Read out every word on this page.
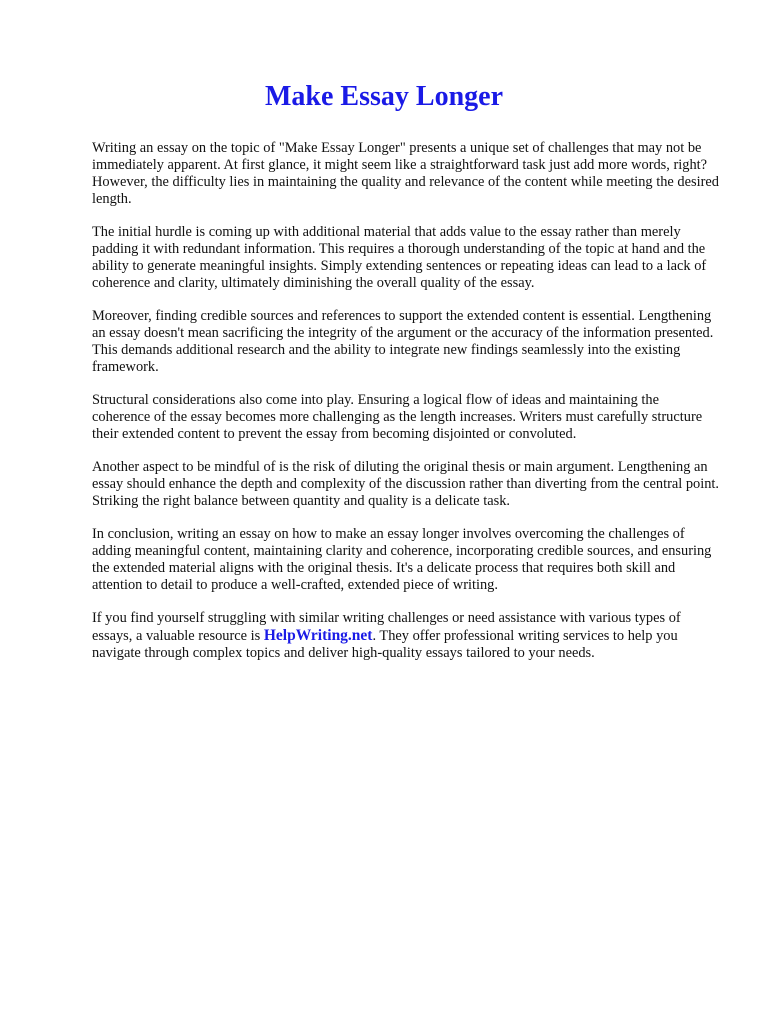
Make Essay Longer

Writing an essay on the topic of "Make Essay Longer" presents a unique set of challenges that may not be immediately apparent. At first glance, it might seem like a straightforward task just add more words, right? However, the difficulty lies in maintaining the quality and relevance of the content while meeting the desired length.

The initial hurdle is coming up with additional material that adds value to the essay rather than merely padding it with redundant information. This requires a thorough understanding of the topic at hand and the ability to generate meaningful insights. Simply extending sentences or repeating ideas can lead to a lack of coherence and clarity, ultimately diminishing the overall quality of the essay.

Moreover, finding credible sources and references to support the extended content is essential. Lengthening an essay doesn't mean sacrificing the integrity of the argument or the accuracy of the information presented. This demands additional research and the ability to integrate new findings seamlessly into the existing framework.

Structural considerations also come into play. Ensuring a logical flow of ideas and maintaining the coherence of the essay becomes more challenging as the length increases. Writers must carefully structure their extended content to prevent the essay from becoming disjointed or convoluted.

Another aspect to be mindful of is the risk of diluting the original thesis or main argument. Lengthening an essay should enhance the depth and complexity of the discussion rather than diverting from the central point. Striking the right balance between quantity and quality is a delicate task.

In conclusion, writing an essay on how to make an essay longer involves overcoming the challenges of adding meaningful content, maintaining clarity and coherence, incorporating credible sources, and ensuring the extended material aligns with the original thesis. It's a delicate process that requires both skill and attention to detail to produce a well-crafted, extended piece of writing.

If you find yourself struggling with similar writing challenges or need assistance with various types of essays, a valuable resource is HelpWriting.net. They offer professional writing services to help you navigate through complex topics and deliver high-quality essays tailored to your needs.
